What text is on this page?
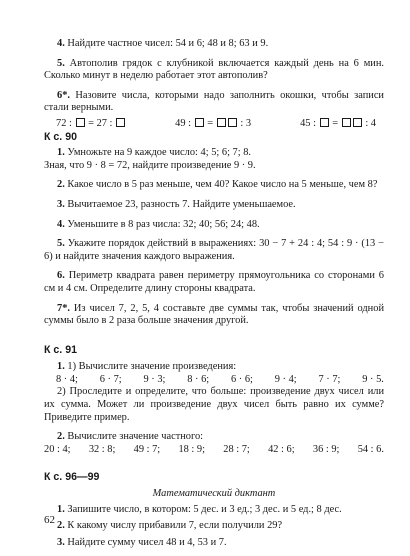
4. Найдите частное чисел: 54 и 6; 48 и 8; 63 и 9.

5. Автополив грядок с клубникой включается каждый день на 6 мин. Сколько минут в неделю работает этот автополив?

6*. Назовите числа, которыми надо заполнить окошки, чтобы записи стали верными.

72 : = 27 :	49 : =	: 3	45 : =	: 4

К с. 90

1. Умножьте на 9 каждое число: 4; 5; 6; 7; 8.

Зная, что 9 · 8 = 72, найдите произведение 9 · 9.

2. Какое число в 5 раз меньше, чем 40? Какое число на 5 меньше, чем 8?

3. Вычитаемое 23, разность 7. Найдите уменьшаемое.

4. Уменьшите в 8 раз числа: 32; 40; 56; 24; 48.

5. Укажите порядок действий в выражениях: 30 − 7 + 24 : 4; 54 : 9 · (13 − 6) и найдите значения каждого выражения.

6. Периметр квадрата равен периметру прямоугольника со сторонами 6 см и 4 см. Определите длину стороны квадрата.

7*. Из чисел 7, 2, 5, 4 составьте две суммы так, чтобы значений одной суммы было в 2 раза больше значения другой.

К с. 91

1. 1) Вычислите значение произведения:

8 · 4; 6 · 7; 9 · 3; 8 · 6; 6 · 6; 9 · 4; 7 · 7; 9 · 5.

2) Проследите и определите, что больше: произведение двух чисел или их сумма. Может ли произведение двух чисел быть равно их сумме? Приведите пример.

2. Вычислите значение частного:

20 : 4; 32 : 8; 49 : 7; 18 : 9; 28 : 7; 42 : 6; 36 : 9; 54 : 6.

К с. 96—99

Математический диктант

1. Запишите число, в котором: 5 дес. и 3 ед.; 3 дес. и 5 ед.; 8 дес.

2. К какому числу прибавили 7, если получили 29?

3. Найдите сумму чисел 48 и 4, 53 и 7.

62
